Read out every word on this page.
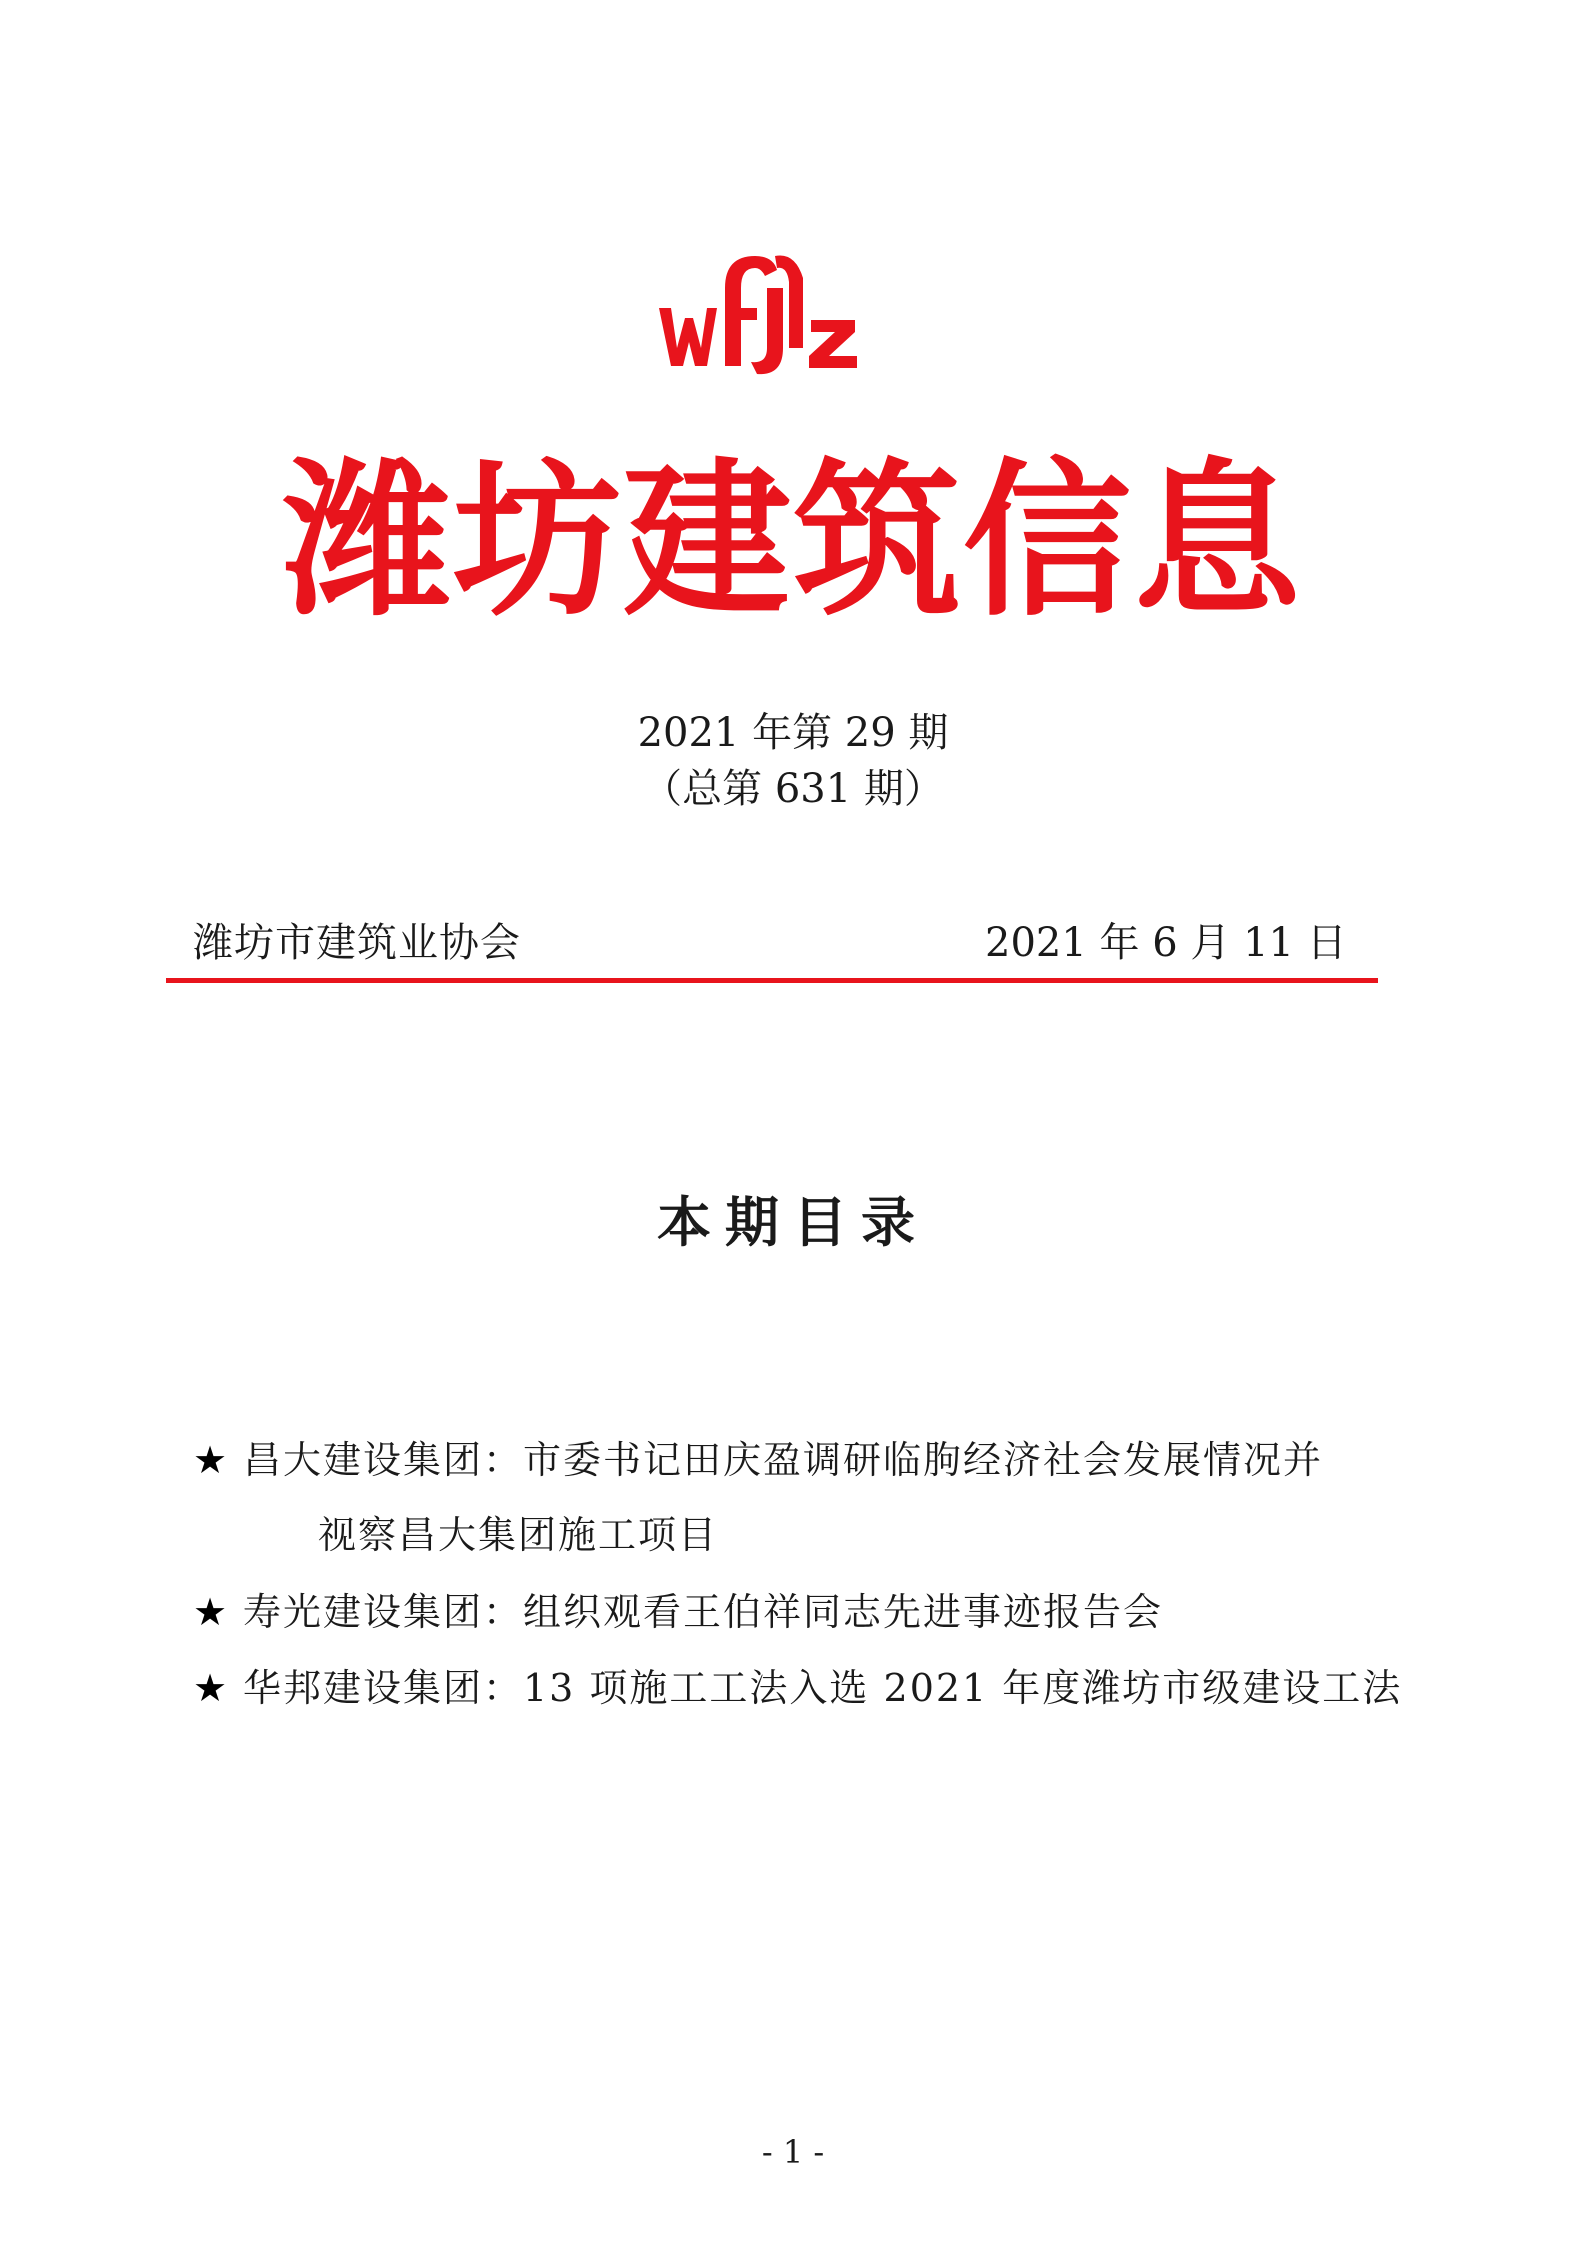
潍坊建筑信息
2021 年第 29 期
（总第 631 期）
潍坊市建筑业协会	2021 年 6 月 11 日
本期目录
★ 昌大建设集团：市委书记田庆盈调研临朐经济社会发展情况并
视察昌大集团施工项目
★ 寿光建设集团：组织观看王伯祥同志先进事迹报告会
★ 华邦建设集团：13 项施工工法入选 2021 年度潍坊市级建设工法
- 1 -
